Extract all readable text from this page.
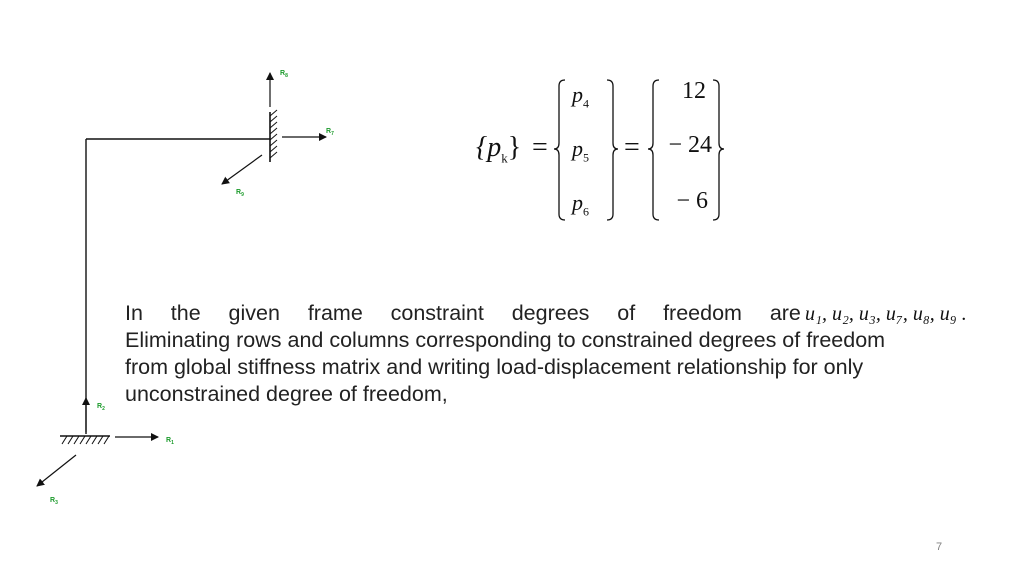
$R_8$
$R_7$
$R_9$
$R_2$
$R_1$
$R_3$
$\{p_k\}$ =
$p_4$
$p_5$
$p_6$
=
12
− 24
− 6
In the given frame constraint degrees of freedom are
Eliminating rows and columns corresponding to constrained degrees of freedom
from global stiffness matrix and writing load-displacement relationship for only
unconstrained degree of freedom,
u₁, u₂, u₃, u₇, u₈, u₉ .
7
